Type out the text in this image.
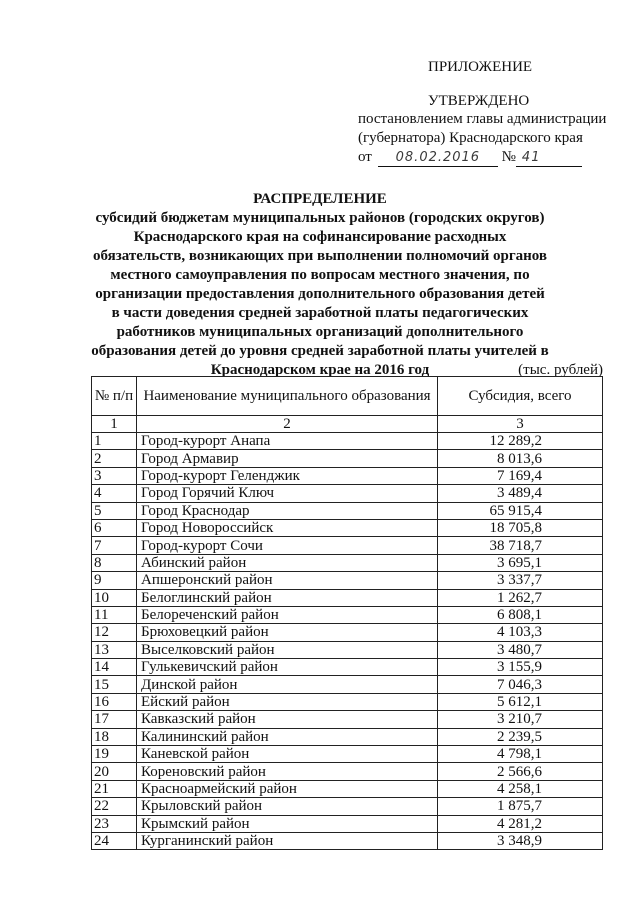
ПРИЛОЖЕНИЕ
УТВЕРЖДЕНО
постановлением главы администрации
(губернатора) Краснодарского края
от 08.02.2016 № 41
РАСПРЕДЕЛЕНИЕ
субсидий бюджетам муниципальных районов (городских округов) Краснодарского края на софинансирование расходных обязательств, возникающих при выполнении полномочий органов местного самоуправления по вопросам местного значения, по организации предоставления дополнительного образования детей в части доведения средней заработной платы педагогических работников муниципальных организаций дополнительного образования детей до уровня средней заработной платы учителей в Краснодарском крае на 2016 год	(тыс. рублей)
№ п/п	Наименование муниципального образования	Субсидия, всего
1	2	3
1	Город-курорт Анапа	12 289,2
2	Город Армавир	8 013,6
3	Город-курорт Геленджик	7 169,4
4	Город Горячий Ключ	3 489,4
5	Город Краснодар	65 915,4
6	Город Новороссийск	18 705,8
7	Город-курорт Сочи	38 718,7
8	Абинский район	3 695,1
9	Апшеронский район	3 337,7
10	Белоглинский район	1 262,7
11	Белореченский район	6 808,1
12	Брюховецкий район	4 103,3
13	Выселковский район	3 480,7
14	Гулькевичский район	3 155,9
15	Динской район	7 046,3
16	Ейский район	5 612,1
17	Кавказский район	3 210,7
18	Калининский район	2 239,5
19	Каневской район	4 798,1
20	Кореновский район	2 566,6
21	Красноармейский район	4 258,1
22	Крыловский район	1 875,7
23	Крымский район	4 281,2
24	Курганинский район	3 348,9
